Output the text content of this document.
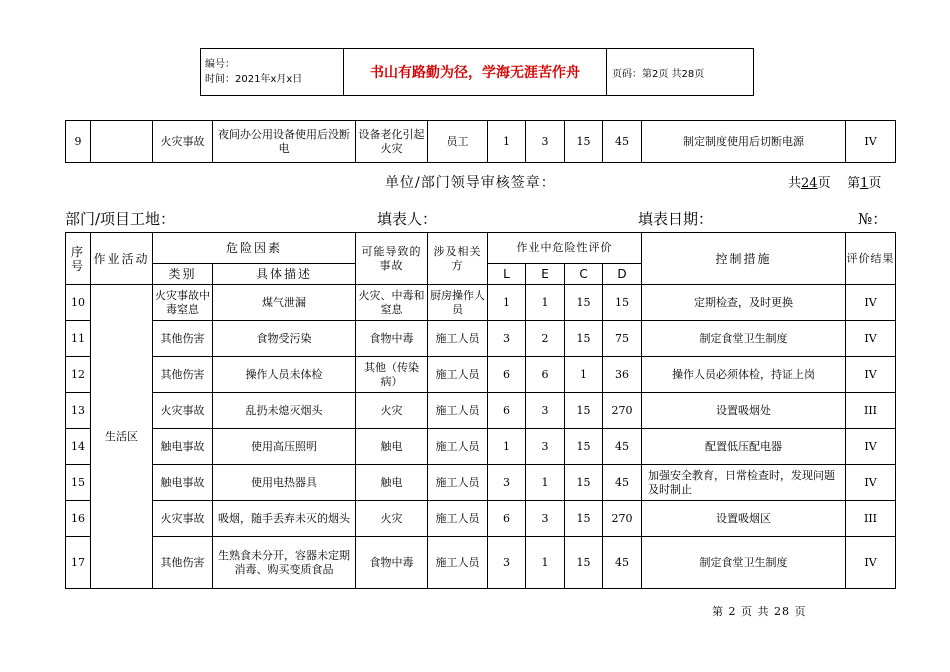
编号：
时间：2021年x月x日	书山有路勤为径，学海无涯苦作舟	页码：第2页 共28页
9		火灾事故	夜间办公用设备使用后没断电	设备老化引起火灾	员工	1	3	15	45	制定制度使用后切断电源	IV
单位/部门领导审核签章：	共24页 第1页
部门/项目工地：	填表人：	填表日期：	№：
序号	作业活动	危险因素		可能导致的事故	涉及相关方	作业中危险性评价				控制措施	评价结果
		类别	具体描述			L	E	C	D		
10	生活区	火灾事故中毒窒息	煤气泄漏	火灾、中毒和窒息	厨房操作人员	1	1	15	15	定期检查，及时更换	IV
11		其他伤害	食物受污染	食物中毒	施工人员	3	2	15	75	制定食堂卫生制度	IV
12		其他伤害	操作人员未体检	其他（传染病）	施工人员	6	6	1	36	操作人员必须体检，持证上岗	IV
13		火灾事故	乱扔未熄灭烟头	火灾	施工人员	6	3	15	270	设置吸烟处	III
14		触电事故	使用高压照明	触电	施工人员	1	3	15	45	配置低压配电器	IV
15		触电事故	使用电热器具	触电	施工人员	3	1	15	45	加强安全教育，日常检查时，发现问题及时制止	IV
16		火灾事故	吸烟，随手丢弃未灭的烟头	火灾	施工人员	6	3	15	270	设置吸烟区	III
17		其他伤害	生熟食未分开，容器未定期消毒、购买变质食品	食物中毒	施工人员	3	1	15	45	制定食堂卫生制度	IV
第 2 页 共 28 页
